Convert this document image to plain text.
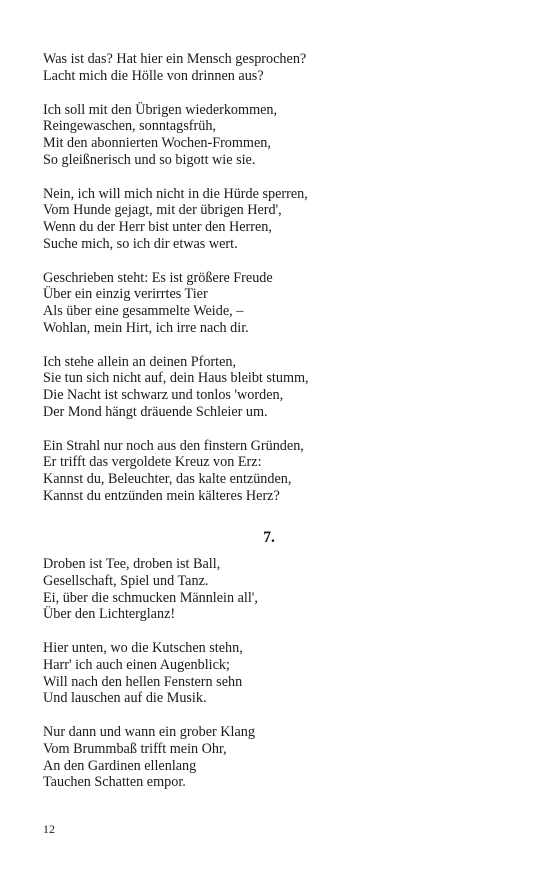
Was ist das? Hat hier ein Mensch gesprochen?
Lacht mich die Hölle von drinnen aus?
Ich soll mit den Übrigen wiederkommen,
Reingewaschen, sonntagsfrüh,
Mit den abonnierten Wochen-Frommen,
So gleißnerisch und so bigott wie sie.
Nein, ich will mich nicht in die Hürde sperren,
Vom Hunde gejagt, mit der übrigen Herd',
Wenn du der Herr bist unter den Herren,
Suche mich, so ich dir etwas wert.
Geschrieben steht: Es ist größere Freude
Über ein einzig verirrtes Tier
Als über eine gesammelte Weide, –
Wohlan, mein Hirt, ich irre nach dir.
Ich stehe allein an deinen Pforten,
Sie tun sich nicht auf, dein Haus bleibt stumm,
Die Nacht ist schwarz und tonlos 'worden,
Der Mond hängt dräuende Schleier um.
Ein Strahl nur noch aus den finstern Gründen,
Er trifft das vergoldete Kreuz von Erz:
Kannst du, Beleuchter, das kalte entzünden,
Kannst du entzünden mein kälteres Herz?
7.
Droben ist Tee, droben ist Ball,
Gesellschaft, Spiel und Tanz.
Ei, über die schmucken Männlein all',
Über den Lichterglanz!
Hier unten, wo die Kutschen stehn,
Harr' ich auch einen Augenblick;
Will nach den hellen Fenstern sehn
Und lauschen auf die Musik.
Nur dann und wann ein grober Klang
Vom Brummbaß trifft mein Ohr,
An den Gardinen ellenlang
Tauchen Schatten empor.
12
